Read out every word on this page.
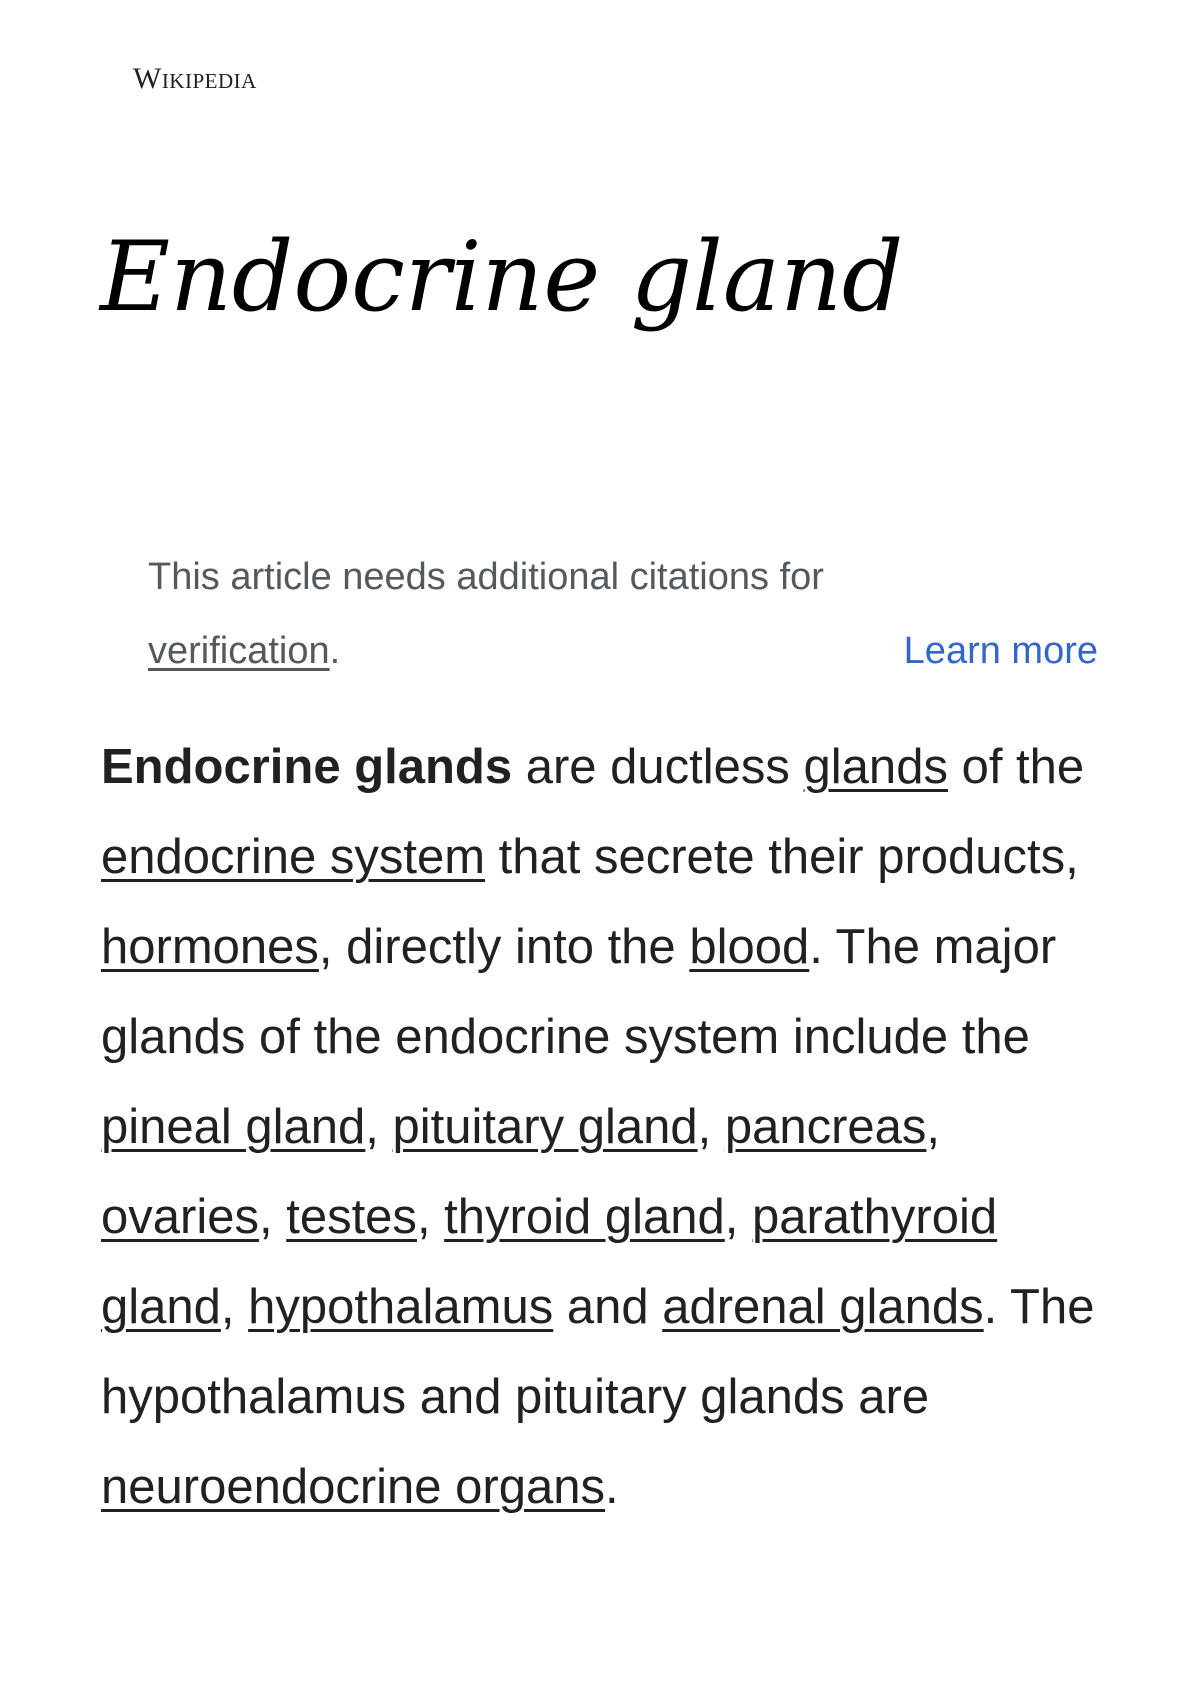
Wikipedia
Endocrine gland
This article needs additional citations for verification.	Learn more

Endocrine glands are ductless glands of the endocrine system that secrete their products, hormones, directly into the blood. The major glands of the endocrine system include the pineal gland, pituitary gland, pancreas, ovaries, testes, thyroid gland, parathyroid gland, hypothalamus and adrenal glands. The hypothalamus and pituitary glands are neuroendocrine organs.
